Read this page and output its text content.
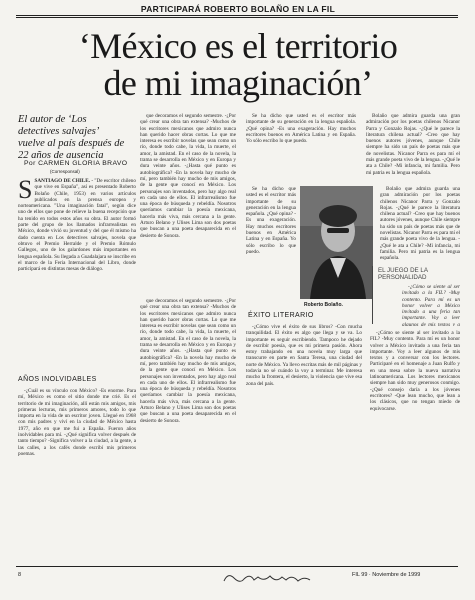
PARTICIPARÁ ROBERTO BOLAÑO EN LA FIL
‘México es el territorio
de mi imaginación’
El autor de ‘Los detectives salvajes’ vuelve al país después de 22 años de ausencia

que decoramos el segundo semestre. -¿Por qué crear una obra tan extensa? -Muchos de los escritores mexicanos que admiro nunca han querido hacer obras cortas. Lo que me interesa es escribir novelas que sean como un río, donde todo cabe, la vida, la muerte, el amor, la amistad. En el caso de la novela, la trama se desarrolla en México y en Europa y dura veinte años. -¿Hasta qué punto es autobiográfica? -En la novela hay mucho de mí, pero también hay mucho de mis amigos, de la gente que conocí en México. Los personajes son inventados, pero hay algo real en cada uno de ellos. El infrarrealismo fue una época de búsqueda y rebeldía. Nosotros queríamos cambiar la poesía mexicana, hacerla más viva, más cercana a la gente. Arturo Belano y Ulises Lima son dos poetas que buscan a una poeta desaparecida en el desierto de Sonora.

Se ha dicho que usted es el escritor más importante de su generación en la lengua española. ¿Qué opina? -Es una exageración. Hay muchos escritores buenos en América Latina y en España. Yo sólo escribo lo que puedo.

Bolaño que admira guarda una gran admiración por los poetas chilenos Nicanor Parra y Gonzalo Rojas. -¿Qué le parece la literatura chilena actual? -Creo que hay buenos autores jóvenes, aunque Chile siempre ha sido un país de poetas más que de novelistas. Nicanor Parra es para mí el más grande poeta vivo de la lengua. -¿Qué le ata a Chile? -Mi infancia, mi familia. Pero mi patria es la lengua española.

Por CARMEN GLORIA BRAVO
(Corresponsal)
S SANTIAGO DE CHILE. - "De escritor chileno que vive en España", así es presentado Roberto Bolaño (Chile, 1953) en varios artículos publicados en la prensa europea y norteamericana. "Una imaginación fatal", según dice uno de ellos que pone de relieve la buena recepción que ha tenido en todos estos años su obra. El autor formó parte del grupo de los llamados infrarrealistas en México, donde vivió su juventud y del que él mismo ha dado cuenta en Los detectives salvajes, novela que obtuvo el Premio Herralde y el Premio Rómulo Gallegos, uno de los galardones más importantes en lengua española. Su llegada a Guadalajara se inscribe en el marco de la Feria Internacional del Libro, donde participará en distintas mesas de diálogo.
AÑOS INOLVIDABLES

-¿Cuál es su vínculo con México? -Es enorme. Para mí, México es como el sitio donde me crié. Es el territorio de mi imaginación, allí están mis amigos, mis primeras lecturas, mis primeros amores, todo lo que importa en la vida de un escritor joven. Llegué en 1968 con mis padres y viví en la ciudad de México hasta 1977, año en que me fui a España. Fueron años inolvidables para mí. -¿Qué significa volver después de tanto tiempo? -Significa volver a la ciudad, a la gente, a las calles, a los cafés donde escribí mis primeros poemas.

Se ha dicho que usted es el escritor más importante de su generación en la lengua española. ¿Qué opina? -Es una exageración. Hay muchos escritores buenos en América Latina y en España. Yo sólo escribo lo que puedo.

Roberto Bolaño.

Bolaño que admira guarda una gran admiración por los poetas chilenos Nicanor Parra y Gonzalo Rojas. -¿Qué le parece la literatura chilena actual? -Creo que hay buenos autores jóvenes, aunque Chile siempre ha sido un país de poetas más que de novelistas. Nicanor Parra es para mí el más grande poeta vivo de la lengua. -¿Qué le ata a Chile? -Mi infancia, mi familia. Pero mi patria es la lengua española.

EL JUEGO DE LA PERSONALIDAD

-¿Cómo se siente al ser invitado a la FIL? -Muy contento. Para mí es un honor volver a México invitado a una feria tan importante. Voy a leer algunos de mis textos y a

ÉXITO LITERARIO

que decoramos el segundo semestre. -¿Por qué crear una obra tan extensa? -Muchos de los escritores mexicanos que admiro nunca han querido hacer obras cortas. Lo que me interesa es escribir novelas que sean como un río, donde todo cabe, la vida, la muerte, el amor, la amistad. En el caso de la novela, la trama se desarrolla en México y en Europa y dura veinte años. -¿Hasta qué punto es autobiográfica? -En la novela hay mucho de mí, pero también hay mucho de mis amigos, de la gente que conocí en México. Los personajes son inventados, pero hay algo real en cada uno de ellos. El infrarrealismo fue una época de búsqueda y rebeldía. Nosotros queríamos cambiar la poesía mexicana, hacerla más viva, más cercana a la gente. Arturo Belano y Ulises Lima son dos poetas que buscan a una poeta desaparecida en el desierto de Sonora.

-¿Cómo vive el éxito de sus libros? -Con mucha tranquilidad. El éxito es algo que llega y se va. Lo importante es seguir escribiendo. Tampoco he dejado de escribir poesía, que es mi primera pasión. Ahora estoy trabajando en una novela muy larga que transcurre en parte en Santa Teresa, una ciudad del norte de México. Ya llevo escritas más de mil páginas y todavía no sé cuándo la voy a terminar. Me interesa mucho la frontera, el desierto, la violencia que vive esa zona del país.

-¿Cómo se siente al ser invitado a la FIL? -Muy contento. Para mí es un honor volver a México invitado a una feria tan importante. Voy a leer algunos de mis textos y a conversar con los lectores. Participaré en el homenaje a Juan Rulfo y en una mesa sobre la nueva narrativa latinoamericana. Los lectores mexicanos siempre han sido muy generosos conmigo. -¿Qué consejo daría a los jóvenes escritores? -Que lean mucho, que lean a los clásicos, que no tengan miedo de equivocarse.

8	FIL 99 · Noviembre de 1999
